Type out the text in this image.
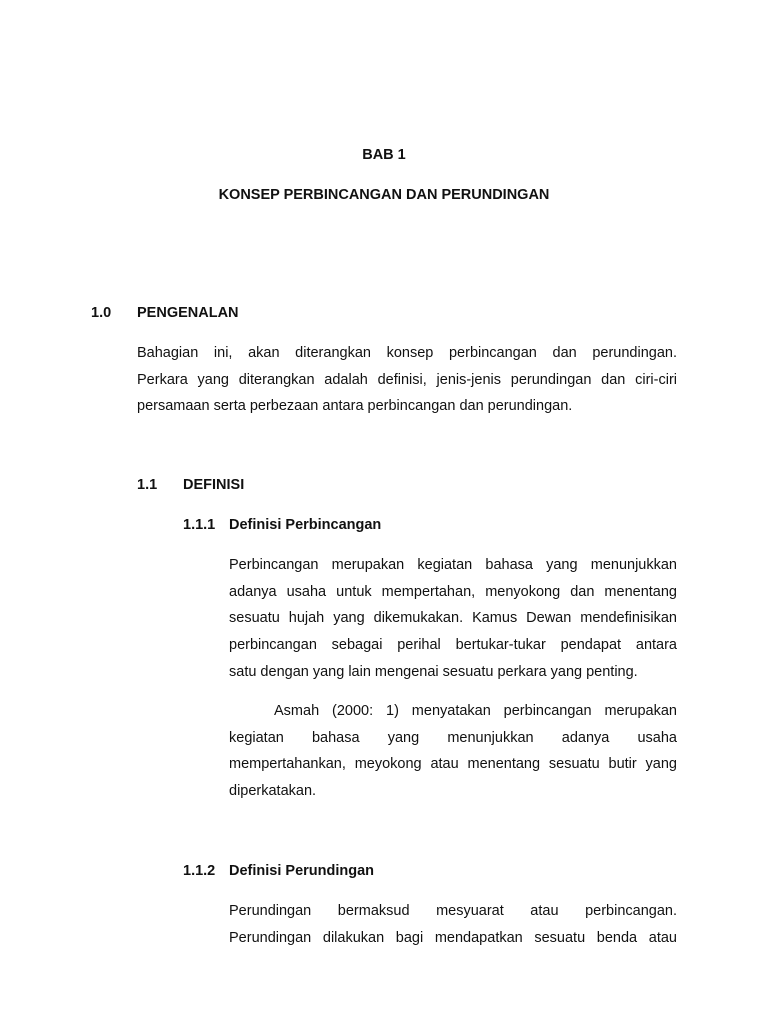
BAB 1
KONSEP PERBINCANGAN DAN PERUNDINGAN
1.0 PENGENALAN
Bahagian ini, akan diterangkan konsep perbincangan dan perundingan.
Perkara yang diterangkan adalah definisi, jenis-jenis perundingan dan ciri-ciri
persamaan serta perbezaan antara perbincangan dan perundingan.
1.1 DEFINISI
1.1.1 Definisi Perbincangan
Perbincangan merupakan kegiatan bahasa yang menunjukkan
adanya usaha untuk mempertahan, menyokong dan menentang
sesuatu hujah yang dikemukakan. Kamus Dewan mendefinisikan
perbincangan sebagai perihal bertukar-tukar pendapat antara
satu dengan yang lain mengenai sesuatu perkara yang penting.
Asmah (2000: 1) menyatakan perbincangan merupakan
kegiatan bahasa yang menunjukkan adanya usaha
mempertahankan, meyokong atau menentang sesuatu butir yang
diperkatakan.
1.1.2 Definisi Perundingan
Perundingan bermaksud mesyuarat atau perbincangan.
Perundingan dilakukan bagi mendapatkan sesuatu benda atau
